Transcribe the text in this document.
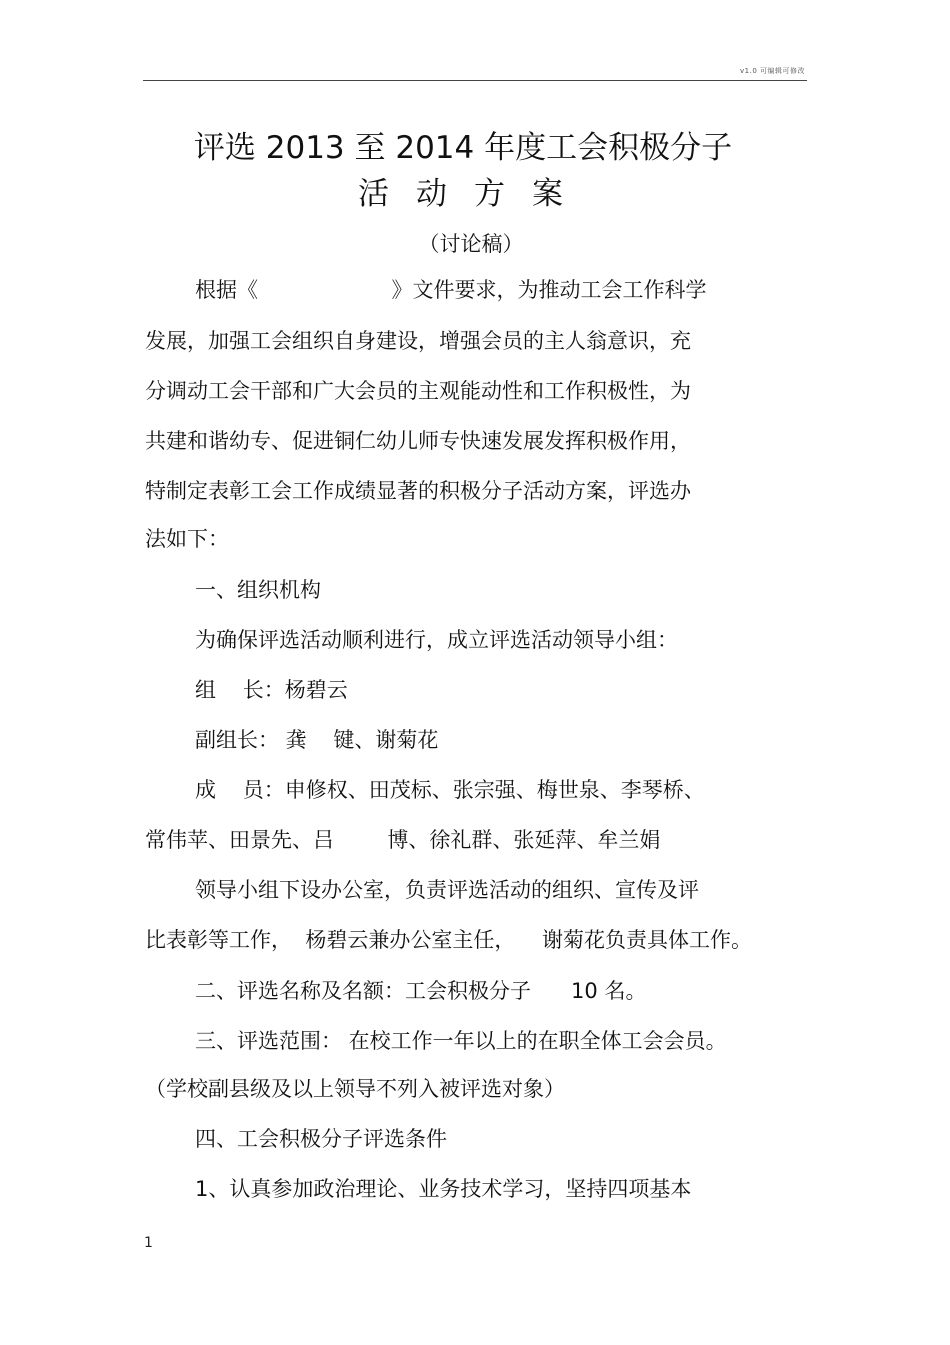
v1.0 可编辑可修改
评选 2013 至 2014 年度工会积极分子
活动方案
（讨论稿）
根据《                    》文件要求，为推动工会工作科学
发展，加强工会组织自身建设，增强会员的主人翁意识，充
分调动工会干部和广大会员的主观能动性和工作积极性，为
共建和谐幼专、促进铜仁幼儿师专快速发展发挥积极作用，
特制定表彰工会工作成绩显著的积极分子活动方案，评选办
法如下：
一、组织机构
为确保评选活动顺利进行，成立评选活动领导小组：
组    长：杨碧云
副组长： 龚    键、谢菊花
成    员：申修权、田茂标、张宗强、梅世泉、李琴桥、
常伟苹、田景先、吕        博、徐礼群、张延萍、牟兰娟
领导小组下设办公室，负责评选活动的组织、宣传及评
比表彰等工作，  杨碧云兼办公室主任，    谢菊花负责具体工作。
二、评选名称及名额：工会积极分子      10 名。
三、评选范围： 在校工作一年以上的在职全体工会会员。
（学校副县级及以上领导不列入被评选对象）
四、工会积极分子评选条件
1、认真参加政治理论、业务技术学习，坚持四项基本
1
